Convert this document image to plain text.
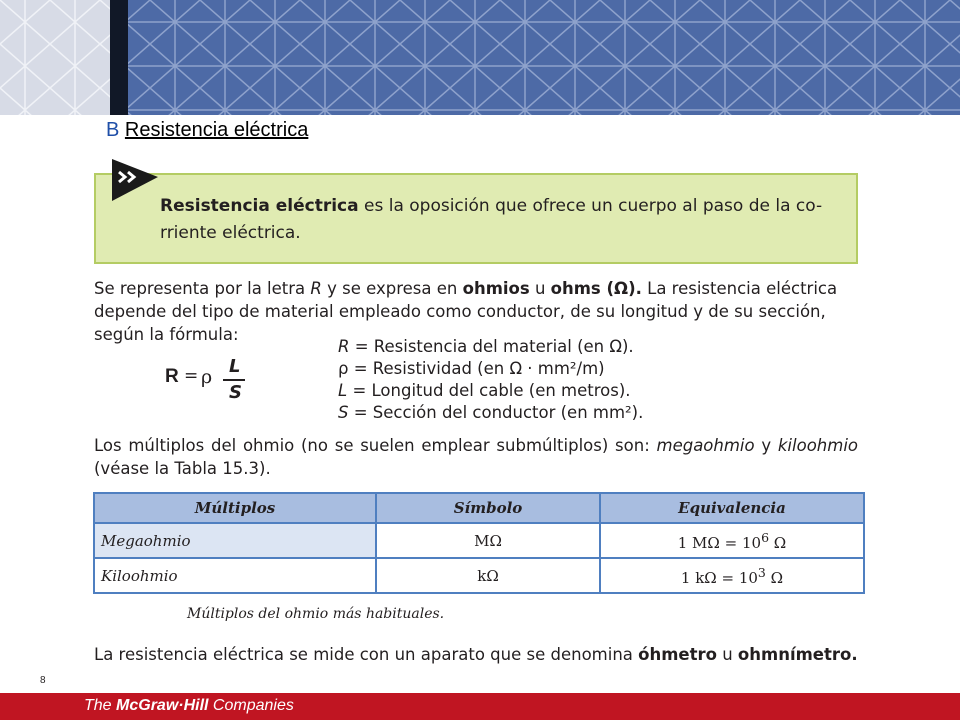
B Resistencia eléctrica
Resistencia eléctrica es la oposición que ofrece un cuerpo al paso de la co-
rriente eléctrica.
Se representa por la letra R y se expresa en ohmios u ohms (Ω). La resistencia eléctrica depende del tipo de material empleado como conductor, de su longitud y de su sección, según la fórmula:
R = ρ L
S
R = Resistencia del material (en Ω).
ρ = Resistividad (en Ω · mm²/m)
L = Longitud del cable (en metros).
S = Sección del conductor (en mm²).
Los múltiplos del ohmio (no se suelen emplear submúltiplos) son: megaohmio y kiloohmio (véase la Tabla 15.3).
Múltiplos	Símbolo	Equivalencia
Megaohmio	MΩ	1 $M\Omega = 10^6$ Ω
Kiloohmio	kΩ	1 $k\Omega = 10^3$ Ω
Múltiplos del ohmio más habituales.
La resistencia eléctrica se mide con un aparato que se denomina óhmetro u ohmnímetro.
8
The McGraw·Hill Companies
